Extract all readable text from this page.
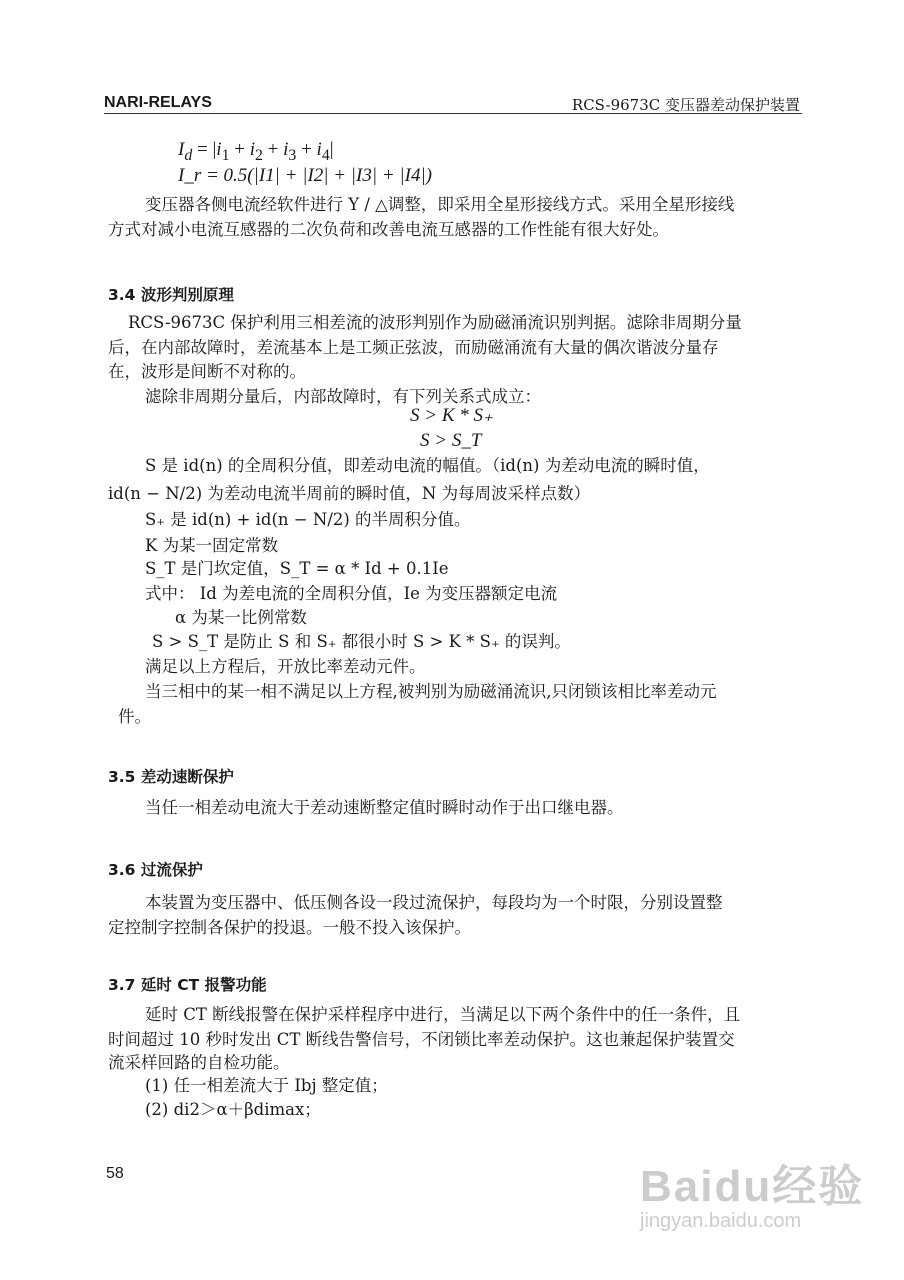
NARI-RELAYS	RCS-9673C 变压器差动保护装置
$I_d = |i_1 + i_2 + i_3 + i_4|$
I_r = 0.5(|I1| + |I2| + |I3| + |I4|)
变压器各侧电流经软件进行 Y / △调整，即采用全星形接线方式。采用全星形接线
方式对减小电流互感器的二次负荷和改善电流互感器的工作性能有很大好处。
3.4 波形判别原理
RCS-9673C 保护利用三相差流的波形判别作为励磁涌流识别判据。滤除非周期分量
后，在内部故障时，差流基本上是工频正弦波，而励磁涌流有大量的偶次谐波分量存
在，波形是间断不对称的。
滤除非周期分量后，内部故障时，有下列关系式成立：
S > K * S₊
S > S_T
S 是 id(n) 的全周积分值，即差动电流的幅值。（id(n) 为差动电流的瞬时值，
id(n − N/2) 为差动电流半周前的瞬时值，N 为每周波采样点数）
S₊ 是 id(n) + id(n − N/2) 的半周积分值。
K 为某一固定常数
S_T 是门坎定值，S_T = α * Id + 0.1Ie
式中： Id 为差电流的全周积分值，Ie 为变压器额定电流
α 为某一比例常数
S > S_T 是防止 S 和 S₊ 都很小时 S > K * S₊ 的误判。
满足以上方程后，开放比率差动元件。
当三相中的某一相不满足以上方程,被判别为励磁涌流识,只闭锁该相比率差动元
件。
3.5 差动速断保护
当任一相差动电流大于差动速断整定值时瞬时动作于出口继电器。
3.6 过流保护
本装置为变压器中、低压侧各设一段过流保护，每段均为一个时限，分别设置整
定控制字控制各保护的投退。一般不投入该保护。
3.7 延时 CT 报警功能
延时 CT 断线报警在保护采样程序中进行，当满足以下两个条件中的任一条件，且
时间超过 10 秒时发出 CT 断线告警信号，不闭锁比率差动保护。这也兼起保护装置交
流采样回路的自检功能。
(1) 任一相差流大于 Ibj 整定值；
(2) di2＞α＋βdimax；
58	Baidu经验
jingyan.baidu.com
